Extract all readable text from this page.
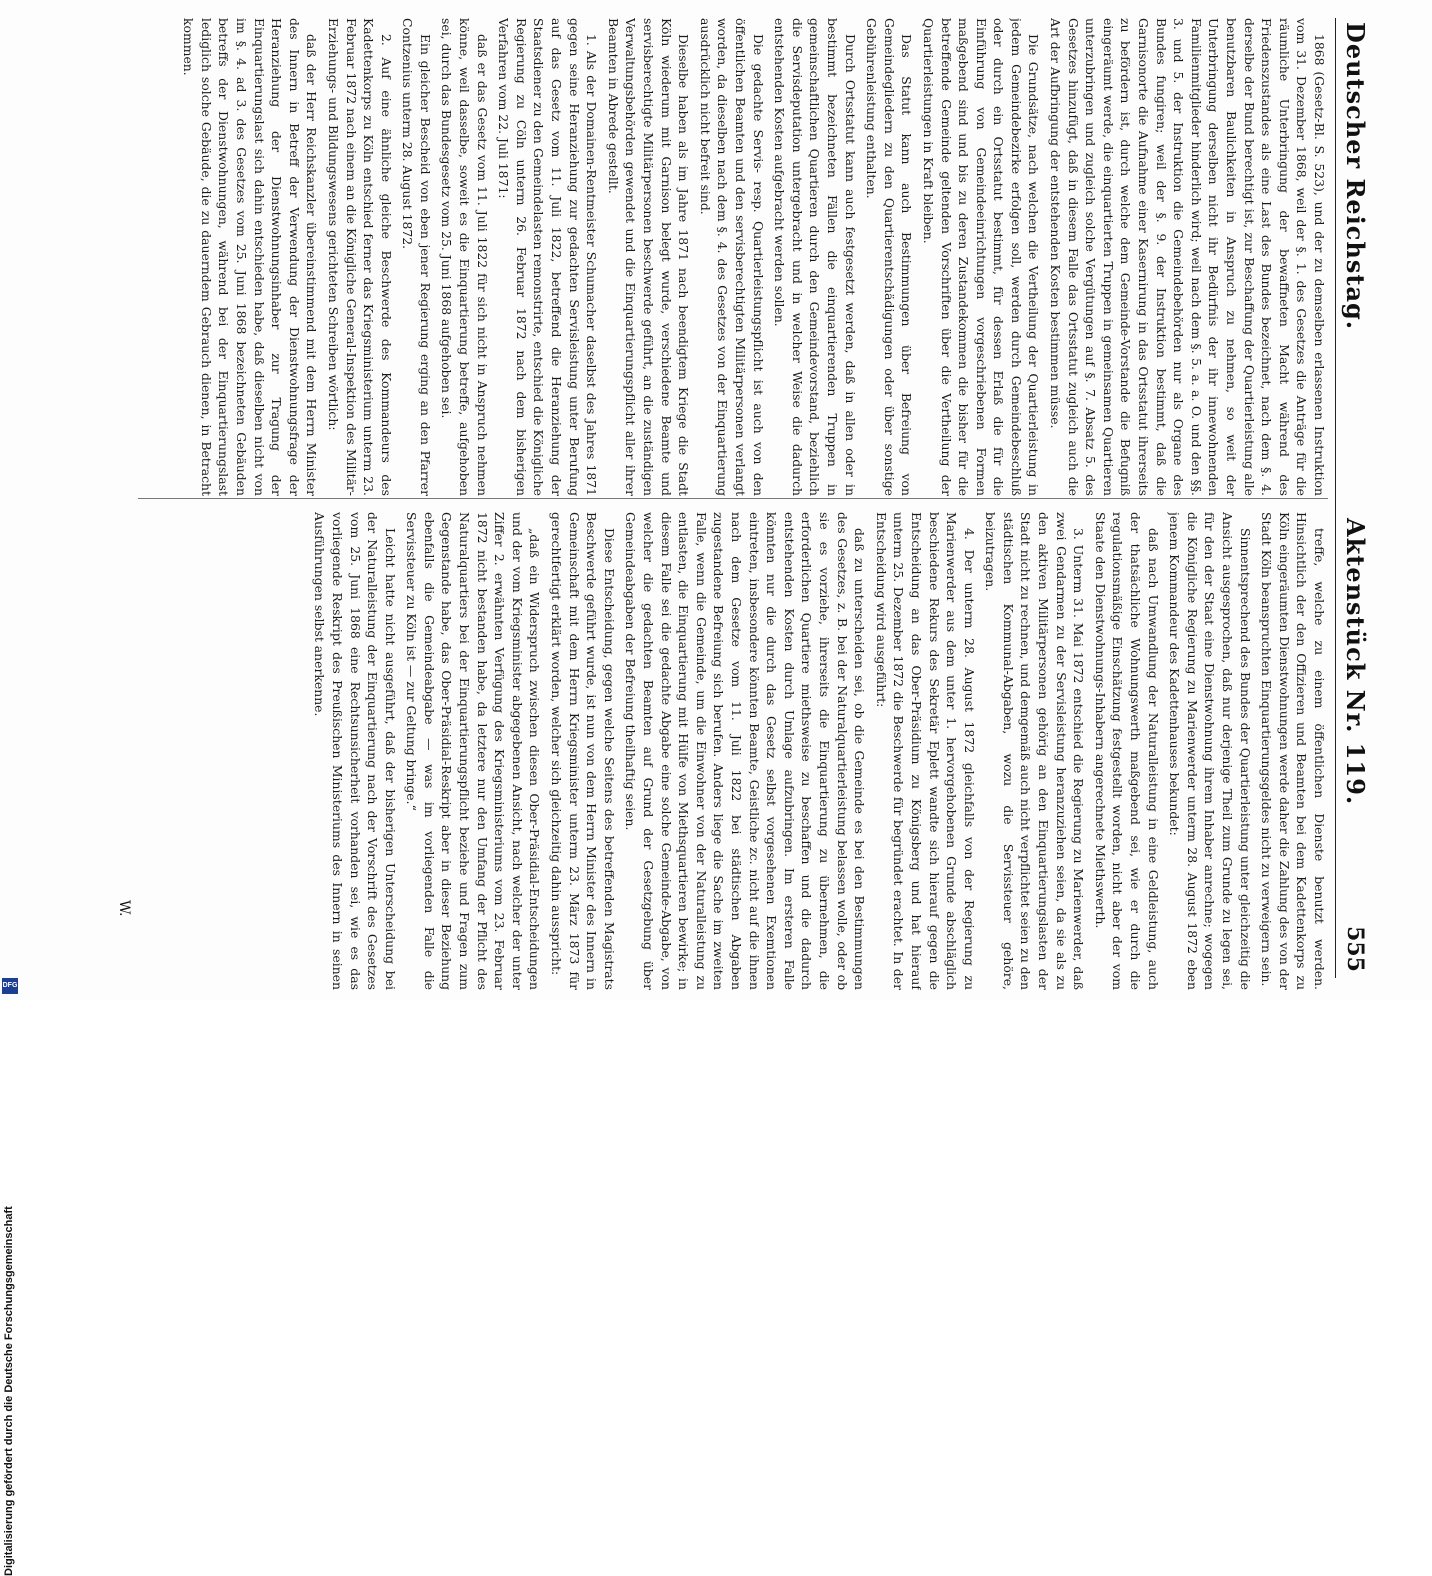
Deutscher Reichstag.
Aktenstück Nr. 119.
555

1868 (Gesetz-Bl. S. 523), und der zu demselben erlassenen Instruktion vom 31. Dezember 1868, weil der §. 1. des Gesetzes die Anträge für die räumliche Unterbringung der bewaffneten Macht während des Friedenszustandes als eine Last des Bundes bezeichnet, nach dem §. 4. derselbe der Bund berechtigt ist, zur Beschaffung der Quartierleistung alle benutzbaren Baulichkeiten in Anspruch zu nehmen, so weit der Unterbringung derselben nicht ihr Bedürfnis der ihr innewohnenden Familienmitglieder hinderlich wird; weil nach dem §. 5. a. a. O. und den §§. 3. und 5. der Instruktion die Gemeindebehörden nur als Organe des Bundes fungiren; weil der §. 9. der Instruktion bestimmt, daß die Garnisonorte die Aufnahme einer Kasernirung in das Ortsstatut ihrerseits zu befördern ist, durch welche dem Gemeinde-Vorstande die Befugniß eingeräumt werde, die einquartierten Truppen in gemeinsamen Quartieren unterzubringen und zugleich solche Vergütungen auf §. 7. Absatz 5. des Gesetzes hinzufügt, daß in diesem Falle das Ortsstatut zugleich auch die Art der Aufbringung der entstehenden Kosten bestimmen müsse.

Die Grundsätze, nach welchen die Vertheilung der Quartierleistung in jedem Gemeindebezirke erfolgen soll, werden durch Gemeindebeschluß oder durch ein Ortsstatut bestimmt, für dessen Erlaß die für die Einführung von Gemeindeeinrichtungen vorgeschriebenen Formen maßgebend sind und bis zu deren Zustandekommen die bisher für die betreffende Gemeinde geltenden Vorschriften über die Vertheilung der Quartierleistungen in Kraft bleiben.

Das Statut kann auch Bestimmungen über Befreiung von Gemeindegliedern zu den Quartierentschädigungen oder über sonstige Gebührenleistung enthalten.

Durch Ortsstatut kann auch festgesetzt werden, daß in allen oder in bestimmt bezeichneten Fällen die einquartierenden Truppen in gemeinschaftlichen Quartieren durch den Gemeindevorstand, beziehlich die Servisdeputation untergebracht und in welcher Weise die dadurch entstehenden Kosten aufgebracht werden sollen.

Die gedachte Servis- resp. Quartierleistungspflicht ist auch von den öffentlichen Beamten und den servisberechtigten Militärpersonen verlangt worden, da dieselben nach dem §. 4. des Gesetzes von der Einquartierung ausdrücklich nicht befreit sind.

Dieselbe haben als im Jahre 1871 nach beendigtem Kriege die Stadt Köln wiederum mit Garnison belegt wurde, verschiedene Beamte und servisberechtigte Militärpersonen beschwerde geführt, an die zuständigen Verwaltungsbehörden gewendet und die Einquartierungspflicht aller ihrer Beamten in Abrede gestellt.

1. Als der Domainen-Rentmeister Schumacher daselbst des Jahres 1871 gegen seine Heranziehung zur gedachten Servisleistung unter Berufung auf das Gesetz vom 11. Juli 1822, betreffend die Heranziehung der Staatsdiener zu den Gemeindelasten remonstrirte, entschied die Königliche Regierung zu Cöln unterm 26. Februar 1872 nach dem bisherigen Verfahren vom 22. Juli 1871:

daß er das Gesetz vom 11. Juli 1822 für sich nicht in Anspruch nehmen könne, weil dasselbe, soweit es die Einquartierung betreffe, aufgehoben sei, durch das Bundesgesetz vom 25. Juni 1868 aufgehoben sei.

Ein gleicher Bescheid von eben jener Regierung erging an den Pfarrer Contzenius unterm 28. August 1872.

2. Auf eine ähnliche gleiche Beschwerde des Kommandeurs des Kadettenkorps zu Köln entschied ferner das Kriegsministerium unterm 23. Februar 1872 nach einem an die Königliche General-Inspektion des Militär-Erziehungs- und Bildungswesens gerichteten Schreiben wörtlich:

daß der Herr Reichskanzler übereinstimmend mit dem Herrn Minister des Innern in Betreff der Verwendung der Dienstwohnungsfrage der Heranziehung der Dienstwohnungsinhaber zur Tragung der Einquartierungslast sich dahin entschieden habe, daß dieselben nicht von im §. 4. ad 3. des Gesetzes vom 25. Juni 1868 bezeichneten Gebäuden betreffs der Dienstwohnungen, während bei der Einquartierungslast lediglich solche Gebäude, die zu dauerndem Gebrauch dienen, in Betracht kommen.

treffe, welche zu einem öffentlichen Dienste benutzt werden. Hinsichtlich der den Offizieren und Beamten bei dem Kadettenkorps zu Köln eingeräumten Dienstwohnungen werde daher die Zahlung des von der Stadt Köln beanspruchten Einquartierungsgeldes nicht zu verweigern sein.

Sinnentsprechend des Bundes der Quartierleistung unter gleichzeitig die Ansicht ausgesprochen, daß nur derjenige Theil zum Grunde zu legen sei, für den der Staat eine Dienstwohnung ihrem Inhaber anrechne; wogegen die Königliche Regierung zu Marienwerder unterm 28. August 1872 eben jenem Kommandeur des Kadettenhauses bekundet:

daß nach Umwandlung der Naturalleistung in eine Geldleistung, auch der thatsächliche Wohnungswerth maßgebend sei, wie er durch die regulationsmäßige Einschätzung festgestellt worden, nicht aber der vom Staate den Dienstwohnungs-Inhabern angerechnete Miethswerth.

3. Unterm 31. Mai 1872 entschied die Regierung zu Marienwerder, daß zwei Gendarmen zu der Servisleistung heranzuziehen seien, da sie als zu den aktiven Militärpersonen gehörig an den Einquartierungslasten der Stadt nicht zu rechnen, und demgemäß auch nicht verpflichtet seien zu den städtischen Kommunal-Abgaben, wozu die Servissteuer gehöre, beizutragen.

4. Der unterm 28. August 1872 gleichfalls von der Regierung zu Marienwerder aus dem unter 1. hervorgehobenen Grunde abschläglich beschiedene Rekurs des Sekretär Eplett wandte sich hierauf gegen die Entscheidung an das Ober-Präsidium zu Königsberg und hat hierauf unterm 25. Dezember 1872 die Beschwerde für begründet erachtet. In der Entscheidung wird ausgeführt:

daß zu unterscheiden sei, ob die Gemeinde es bei den Bestimmungen des Gesetzes, z. B. bei der Naturalquartierleistung belassen wolle, oder ob sie es vorziehe, ihrerseits die Einquartierung zu übernehmen, die erforderlichen Quartiere miethsweise zu beschaffen und die dadurch entstehenden Kosten durch Umlage aufzubringen. Im ersteren Falle könnten nur die durch das Gesetz selbst vorgesehenen Exemtionen eintreten, insbesondere könnten Beamte, Geistliche zc. nicht auf die ihnen nach dem Gesetze vom 11. Juli 1822 bei städtischen Abgaben zugestandene Befreiung sich berufen. Anders liege die Sache im zweiten Falle, wenn die Gemeinde, um die Einwohner von der Naturalleistung zu entlasten, die Einquartierung mit Hülfe von Miethsquartieren bewirke; in diesem Falle sei die gedachte Abgabe eine solche Gemeinde-Abgabe, von welcher die gedachten Beamten auf Grund der Gesetzgebung über Gemeindeabgaben der Befreiung theilhaftig seien.

Diese Entscheidung, gegen welche Seitens des betreffenden Magistrats Beschwerde geführt wurde, ist nun von dem Herrn Minister des Innern in Gemeinschaft mit dem Herrn Kriegsminister unterm 23. März 1873 für gerechtfertigt erklärt worden, welcher sich gleichzeitig dahin ausspricht:

„daß ein Widerspruch zwischen diesen Ober-Präsidial-Entscheidungen und der vom Kriegsminister abgegebenen Ansicht, nach welcher der unter Ziffer 2. erwähnten Verfügung des Kriegsministeriums vom 23. Februar 1872 nicht bestanden habe, da letztere nur den Umfang der Pflicht des Naturalquartiers bei der Einquartierungspflicht beziehe und Fragen zum Gegenstande habe, das Ober-Präsidial-Reskript aber in dieser Beziehung ebenfalls die Gemeindeabgabe — was im vorliegenden Falle die Servissteuer zu Köln ist — zur Geltung bringe.“

Leicht hatte nicht ausgeführt, daß der bisherigen Unterscheidung bei der Naturalleistung der Einquartierung nach der Vorschrift des Gesetzes vom 25. Juni 1868 eine Rechtsunsicherheit vorhanden sei, wie es das vorliegende Reskript des Preußischen Ministeriums des Innern in seinen Ausführungen selbst anerkenne.

W.
Digitalisierung gefördert durch die Deutsche Forschungsgemeinschaft
DFG
